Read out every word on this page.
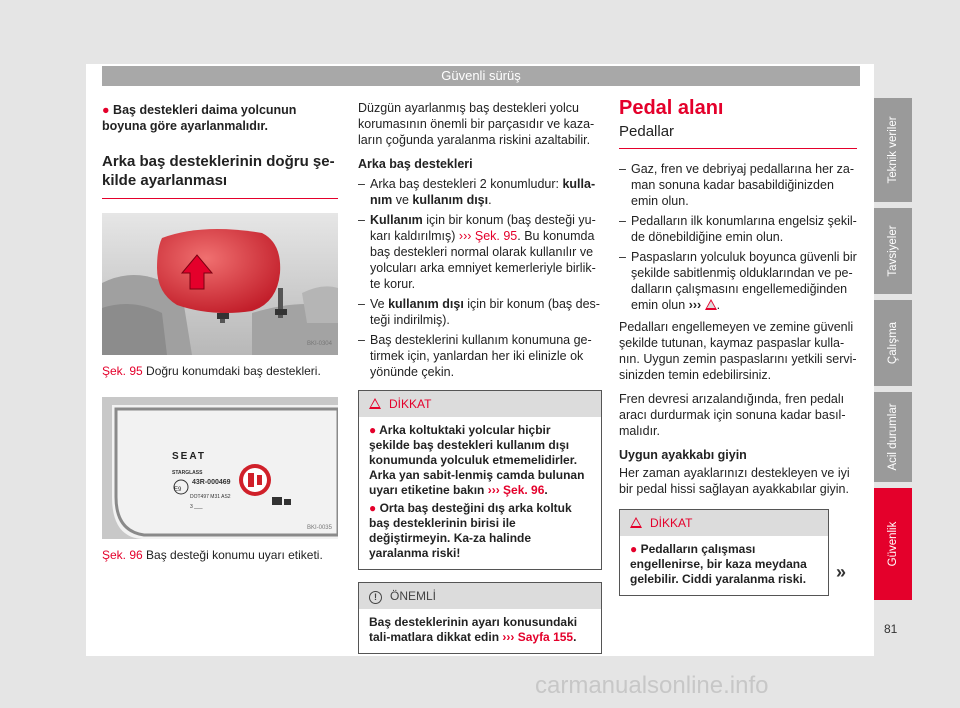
Güvenli sürüş
● Baş destekleri daima yolcunun boyuna göre ayarlanmalıdır.
Arka baş desteklerinin doğru şe-kilde ayarlanması
BKI-0304
Şek. 95 Doğru konumdaki baş destekleri.
SEAT
STARGLASS
E9
43R-000469
DOT497 M31 AS2
3 ___
BKI-0035
Şek. 96 Baş desteği konumu uyarı etiketi.

Düzgün ayarlanmış baş destekleri yolcu korumasının önemli bir parçasıdır ve kaza-ların çoğunda yaralanma riskini azaltabilir.

Arka baş destekleri

– Arka baş destekleri 2 konumludur: kulla-nım ve kullanım dışı.
– Kullanım için bir konum (baş desteği yu-karı kaldırılmış) ››› Şek. 95. Bu konumda baş destekleri normal olarak kullanılır ve yolcuları arka emniyet kemerleriyle birlik-te korur.
– Ve kullanım dışı için bir konum (baş des-teği indirilmiş).
– Baş desteklerini kullanım konumuna ge-tirmek için, yanlardan her iki elinizle ok yönünde çekin.
DİKKAT
● Arka koltuktaki yolcular hiçbir şekilde baş destekleri kullanım dışı konumunda yolculuk etmemelidirler. Arka yan sabit-lenmiş camda bulunan uyarı etiketine bakın ››› Şek. 96.
● Orta baş desteğini dış arka koltuk baş desteklerinin birisi ile değiştirmeyin. Ka-za halinde yaralanma riski!
! ÖNEMLİ
Baş desteklerinin ayarı konusundaki tali-matlara dikkat edin ››› Sayfa 155.
Pedal alanı
Pedallar
– Gaz, fren ve debriyaj pedallarına her za-man sonuna kadar basabildiğinizden emin olun.
– Pedalların ilk konumlarına engelsiz şekil-de dönebildiğine emin olun.
– Paspasların yolculuk boyunca güvenli bir şekilde sabitlenmiş olduklarından ve pe-dalların çalışmasını engellemediğinden emin olun ››› .

Pedalları engellemeyen ve zemine güvenli şekilde tutunan, kaymaz paspaslar kulla-nın. Uygun zemin paspaslarını yetkili servi-sinizden temin edebilirsiniz.

Fren devresi arızalandığında, fren pedalı aracı durdurmak için sonuna kadar basıl-malıdır.

Uygun ayakkabı giyin

Her zaman ayaklarınızı destekleyen ve iyi bir pedal hissi sağlayan ayakkabılar giyin.

DİKKAT
● Pedalların çalışması engellenirse, bir kaza meydana gelebilir. Ciddi yaralanma riski.	»
Teknik veriler
Tavsiyeler
Çalışma
Acil durumlar
Güvenlik
81
carmanualsonline.info
